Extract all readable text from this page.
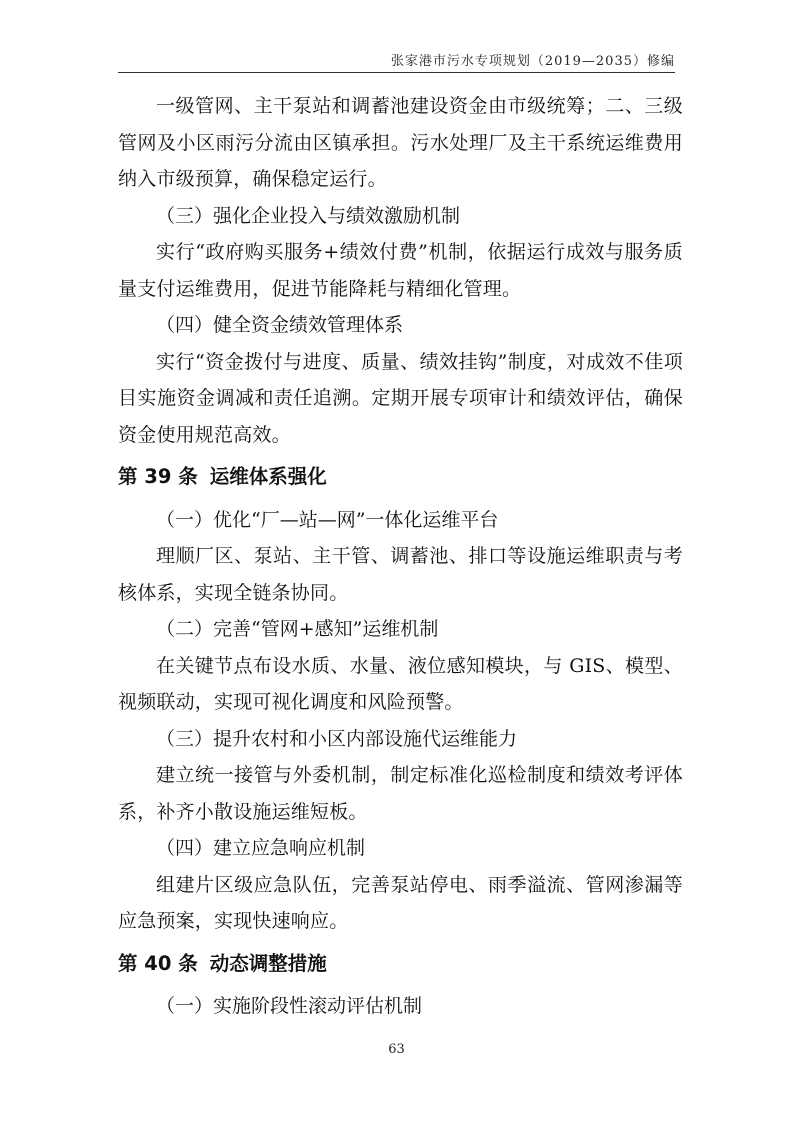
张家港市污水专项规划（2019—2035）修编

一级管网、主干泵站和调蓄池建设资金由市级统筹；二、三级管网及小区雨污分流由区镇承担。污水处理厂及主干系统运维费用纳入市级预算，确保稳定运行。

（三）强化企业投入与绩效激励机制

实行“政府购买服务+绩效付费”机制，依据运行成效与服务质量支付运维费用，促进节能降耗与精细化管理。

（四）健全资金绩效管理体系

实行“资金拨付与进度、质量、绩效挂钩”制度，对成效不佳项目实施资金调减和责任追溯。定期开展专项审计和绩效评估，确保资金使用规范高效。

第 39 条 运维体系强化

（一）优化“厂—站—网”一体化运维平台

理顺厂区、泵站、主干管、调蓄池、排口等设施运维职责与考核体系，实现全链条协同。

（二）完善“管网+感知”运维机制

在关键节点布设水质、水量、液位感知模块，与 GIS、模型、视频联动，实现可视化调度和风险预警。

（三）提升农村和小区内部设施代运维能力

建立统一接管与外委机制，制定标准化巡检制度和绩效考评体系，补齐小散设施运维短板。

（四）建立应急响应机制

组建片区级应急队伍，完善泵站停电、雨季溢流、管网渗漏等应急预案，实现快速响应。

第 40 条 动态调整措施

（一）实施阶段性滚动评估机制

63
